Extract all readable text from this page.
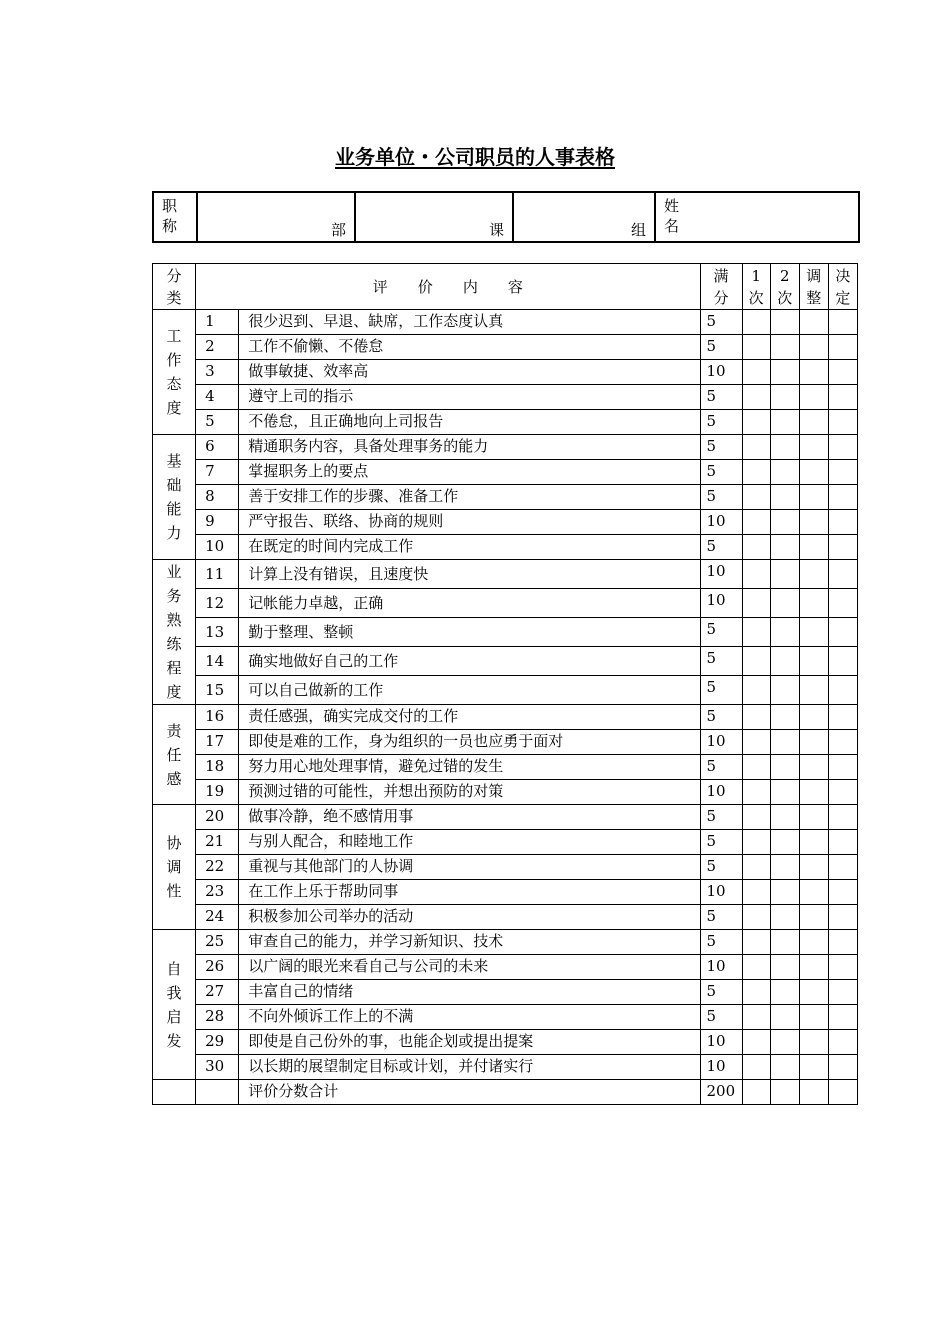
业务单位・公司职员的人事表格
职称	部	课	组	
姓名
分类	评 价 内 容		满分	1次	2次	调整	决定

工作态度	1	很少迟到、早退、缺席，工作态度认真	5				
	2	工作不偷懒、不倦怠	5				
	3	做事敏捷、效率高	10				
	4	遵守上司的指示	5				
	5	不倦怠，且正确地向上司报告	5				

基础能力	6	精通职务内容，具备处理事务的能力	5				
	7	掌握职务上的要点	5				
	8	善于安排工作的步骤、准备工作	5				
	9	严守报告、联络、协商的规则	10				
	10	在既定的时间内完成工作	5				

业务熟练程度	11	计算上没有错误，且速度快	10				
	12	记帐能力卓越，正确	10				
	13	勤于整理、整顿	5				
	14	确实地做好自己的工作	5				
	15	可以自己做新的工作	5				

责任感	16	责任感强，确实完成交付的工作	5				
	17	即使是难的工作，身为组织的一员也应勇于面对	10				
	18	努力用心地处理事情，避免过错的发生	5				
	19	预测过错的可能性，并想出预防的对策	10				

协调性	20	做事冷静，绝不感情用事	5				
	21	与别人配合，和睦地工作	5				
	22	重视与其他部门的人协调	5				
	23	在工作上乐于帮助同事	10				
	24	积极参加公司举办的活动	5				

自我启发	25	审查自己的能力，并学习新知识、技术	5				
	26	以广阔的眼光来看自己与公司的未来	10				
	27	丰富自己的情绪	5				
	28	不向外倾诉工作上的不满	5				
	29	即使是自己份外的事，也能企划或提出提案	10				
	30	以长期的展望制定目标或计划，并付诸实行	10				
		评价分数合计	200				
